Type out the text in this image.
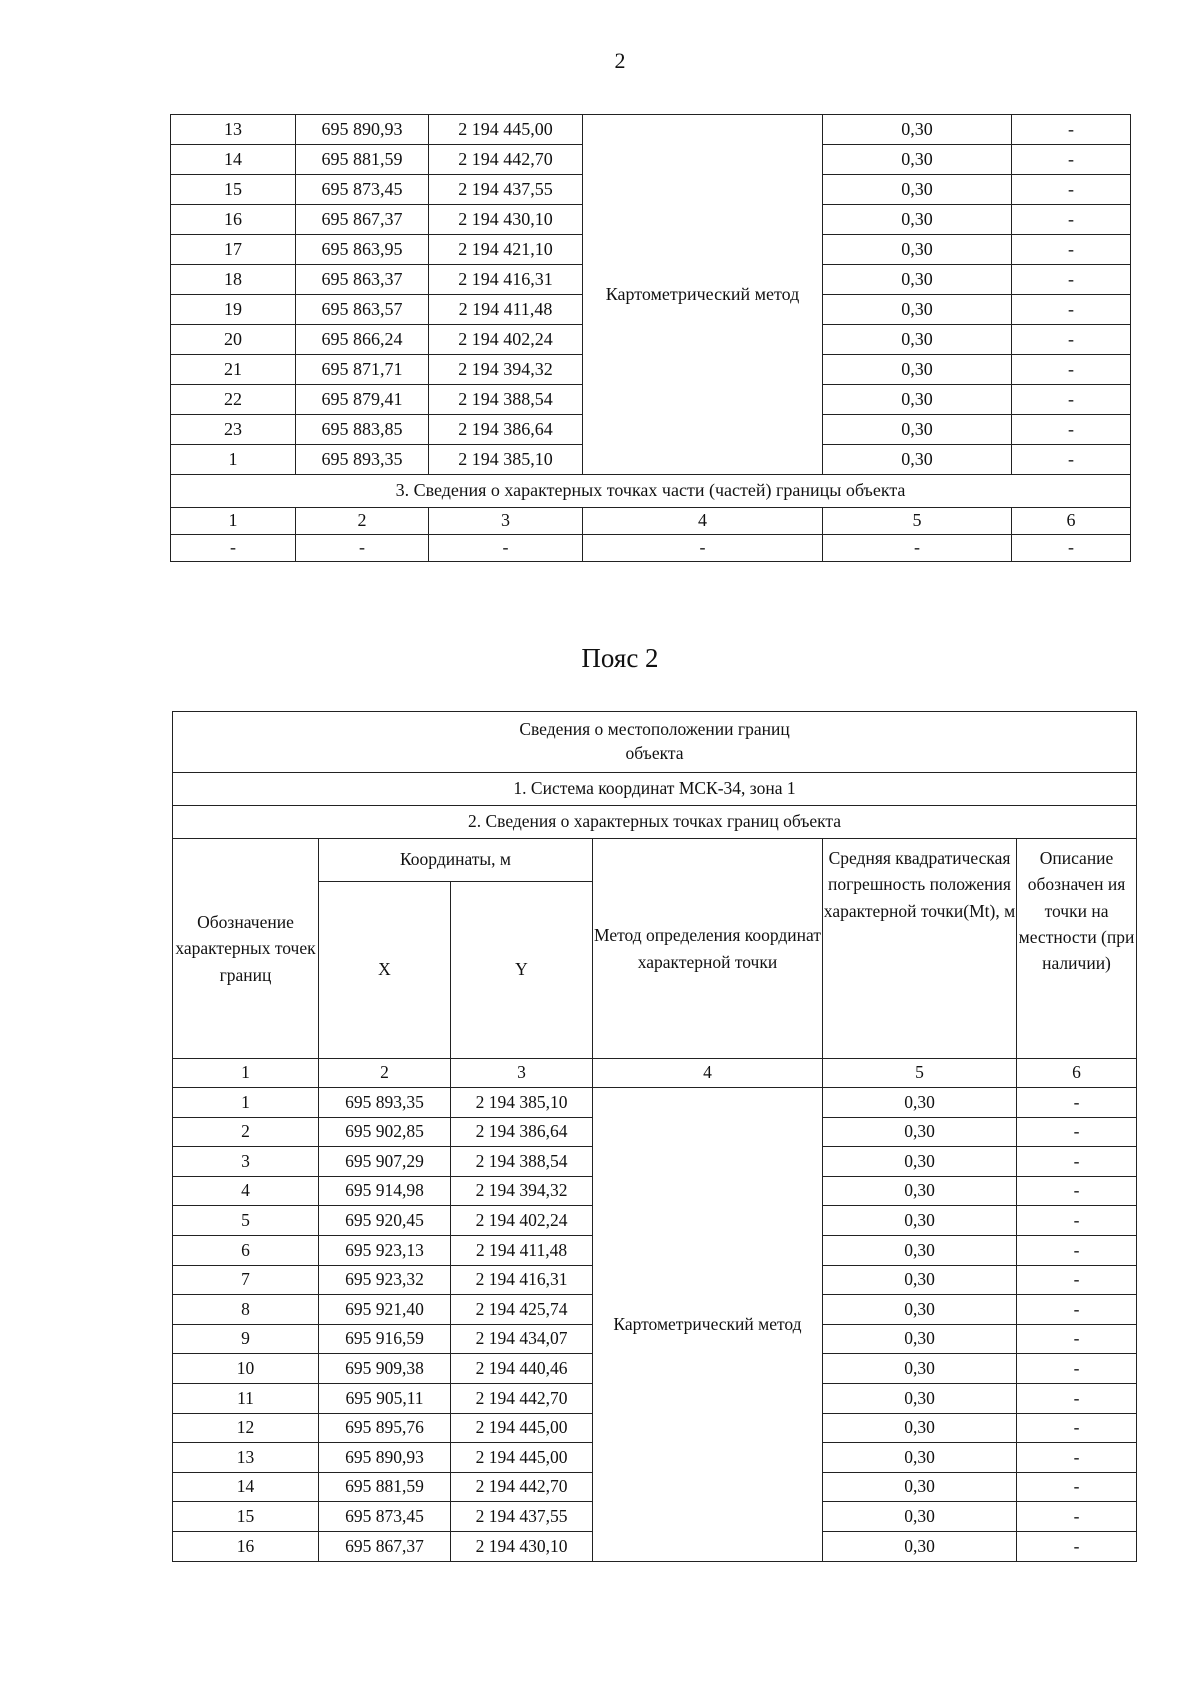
2
13	695 890,93	2 194 445,00	Картометрический метод	0,30	-
14	695 881,59	2 194 442,70		0,30	-
15	695 873,45	2 194 437,55		0,30	-
16	695 867,37	2 194 430,10		0,30	-
17	695 863,95	2 194 421,10		0,30	-
18	695 863,37	2 194 416,31		0,30	-
19	695 863,57	2 194 411,48		0,30	-
20	695 866,24	2 194 402,24		0,30	-
21	695 871,71	2 194 394,32		0,30	-
22	695 879,41	2 194 388,54		0,30	-
23	695 883,85	2 194 386,64		0,30	-
1	695 893,35	2 194 385,10		0,30	-
3. Сведения о характерных точках части (частей) границы объекта					
1	2	3	4	5	6
-	-	-	-	-	-
Пояс 2
Сведения о местоположении границ
объекта					
1. Система координат МСК-34, зона 1					
2. Сведения о характерных точках границ объекта					
Обозначение характерных точек границ	Координаты, м		Метод определения координат характерной точки	Средняя квадратическая погрешность положения характерной точки(Mt), м	Описание обозначен ия точки на местности (при наличии)
	X	Y			
1	2	3	4	5	6
1	695 893,35	2 194 385,10	Картометрический метод	0,30	-
2	695 902,85	2 194 386,64		0,30	-
3	695 907,29	2 194 388,54		0,30	-
4	695 914,98	2 194 394,32		0,30	-
5	695 920,45	2 194 402,24		0,30	-
6	695 923,13	2 194 411,48		0,30	-
7	695 923,32	2 194 416,31		0,30	-
8	695 921,40	2 194 425,74		0,30	-
9	695 916,59	2 194 434,07		0,30	-
10	695 909,38	2 194 440,46		0,30	-
11	695 905,11	2 194 442,70		0,30	-
12	695 895,76	2 194 445,00		0,30	-
13	695 890,93	2 194 445,00		0,30	-
14	695 881,59	2 194 442,70		0,30	-
15	695 873,45	2 194 437,55		0,30	-
16	695 867,37	2 194 430,10		0,30	-
